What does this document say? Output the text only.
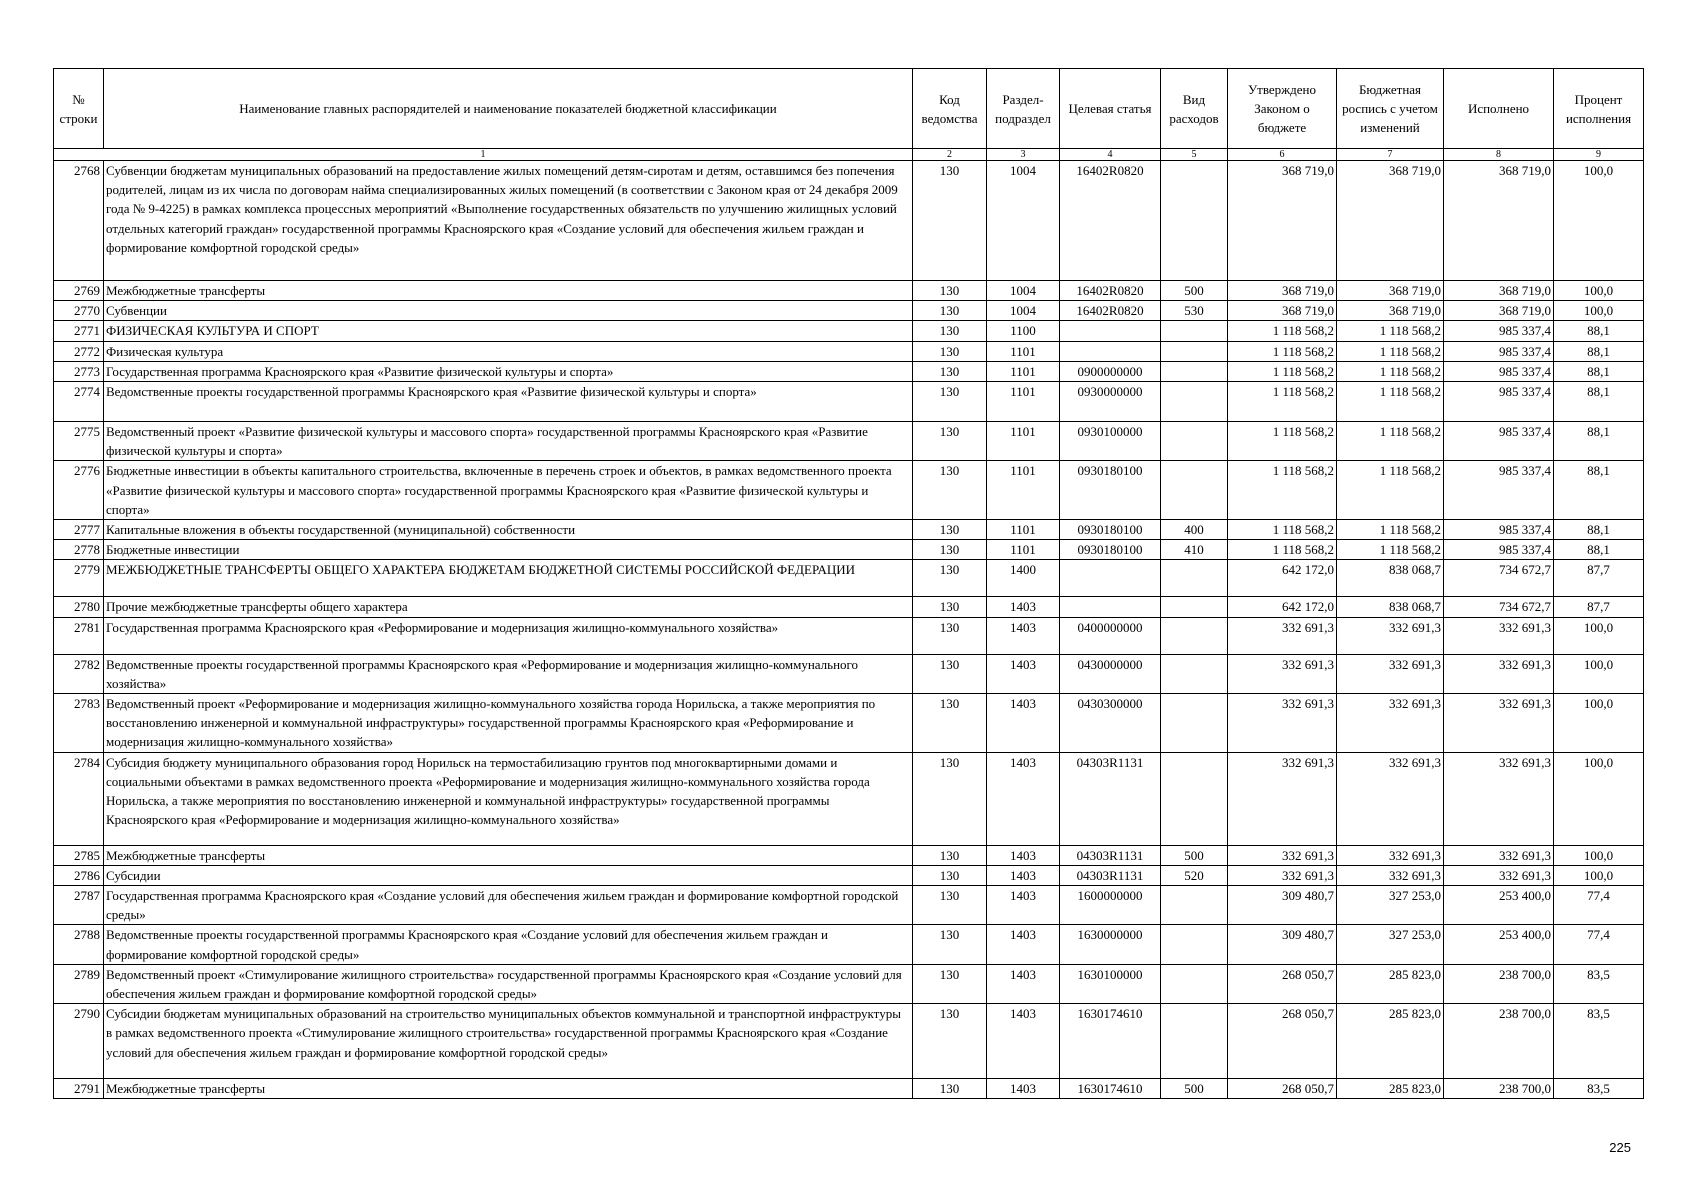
№ строки	Наименование главных распорядителей и наименование показателей бюджетной классификации	Код ведомства	Раздел-подраздел	Целевая статья	Вид расходов	Утверждено Законом о бюджете	Бюджетная роспись с учетом изменений	Исполнено	Процент исполнения
1		2	3	4	5	6	7	8	9
2768	Субвенции бюджетам муниципальных образований на предоставление жилых помещений детям-сиротам и детям, оставшимся без попечения родителей, лицам из их числа по договорам найма специализированных жилых помещений (в соответствии с Законом края от 24 декабря 2009 года № 9-4225) в рамках комплекса процессных мероприятий «Выполнение государственных обязательств по улучшению жилищных условий отдельных категорий граждан» государственной программы Красноярского края «Создание условий для обеспечения жильем граждан и формирование комфортной городской среды»	130	1004	16402R0820		368 719,0	368 719,0	368 719,0	100,0
2769	Межбюджетные трансферты	130	1004	16402R0820	500	368 719,0	368 719,0	368 719,0	100,0
2770	Субвенции	130	1004	16402R0820	530	368 719,0	368 719,0	368 719,0	100,0
2771	ФИЗИЧЕСКАЯ КУЛЬТУРА И СПОРТ	130	1100			1 118 568,2	1 118 568,2	985 337,4	88,1
2772	Физическая культура	130	1101			1 118 568,2	1 118 568,2	985 337,4	88,1
2773	Государственная программа Красноярского края «Развитие физической культуры и спорта»	130	1101	0900000000		1 118 568,2	1 118 568,2	985 337,4	88,1
2774	Ведомственные проекты государственной программы Красноярского края «Развитие физической культуры и спорта»	130	1101	0930000000		1 118 568,2	1 118 568,2	985 337,4	88,1
2775	Ведомственный проект «Развитие физической культуры и массового спорта» государственной программы Красноярского края «Развитие физической культуры и спорта»	130	1101	0930100000		1 118 568,2	1 118 568,2	985 337,4	88,1
2776	Бюджетные инвестиции в объекты капитального строительства, включенные в перечень строек и объектов, в рамках ведомственного проекта «Развитие физической культуры и массового спорта» государственной программы Красноярского края «Развитие физической культуры и спорта»	130	1101	0930180100		1 118 568,2	1 118 568,2	985 337,4	88,1
2777	Капитальные вложения в объекты государственной (муниципальной) собственности	130	1101	0930180100	400	1 118 568,2	1 118 568,2	985 337,4	88,1
2778	Бюджетные инвестиции	130	1101	0930180100	410	1 118 568,2	1 118 568,2	985 337,4	88,1
2779	МЕЖБЮДЖЕТНЫЕ ТРАНСФЕРТЫ ОБЩЕГО ХАРАКТЕРА БЮДЖЕТАМ БЮДЖЕТНОЙ СИСТЕМЫ РОССИЙСКОЙ ФЕДЕРАЦИИ	130	1400			642 172,0	838 068,7	734 672,7	87,7
2780	Прочие межбюджетные трансферты общего характера	130	1403			642 172,0	838 068,7	734 672,7	87,7
2781	Государственная программа Красноярского края «Реформирование и модернизация жилищно-коммунального хозяйства»	130	1403	0400000000		332 691,3	332 691,3	332 691,3	100,0
2782	Ведомственные проекты государственной программы Красноярского края «Реформирование и модернизация жилищно-коммунального хозяйства»	130	1403	0430000000		332 691,3	332 691,3	332 691,3	100,0
2783	Ведомственный проект «Реформирование и модернизация жилищно-коммунального хозяйства города Норильска, а также мероприятия по восстановлению инженерной и коммунальной инфраструктуры» государственной программы Красноярского края «Реформирование и модернизация жилищно-коммунального хозяйства»	130	1403	0430300000		332 691,3	332 691,3	332 691,3	100,0
2784	Субсидия бюджету муниципального образования город Норильск на термостабилизацию грунтов под многоквартирными домами и социальными объектами в рамках ведомственного проекта «Реформирование и модернизация жилищно-коммунального хозяйства города Норильска, а также мероприятия по восстановлению инженерной и коммунальной инфраструктуры» государственной программы Красноярского края «Реформирование и модернизация жилищно-коммунального хозяйства»	130	1403	04303R1131		332 691,3	332 691,3	332 691,3	100,0
2785	Межбюджетные трансферты	130	1403	04303R1131	500	332 691,3	332 691,3	332 691,3	100,0
2786	Субсидии	130	1403	04303R1131	520	332 691,3	332 691,3	332 691,3	100,0
2787	Государственная программа Красноярского края «Создание условий для обеспечения жильем граждан и формирование комфортной городской среды»	130	1403	1600000000		309 480,7	327 253,0	253 400,0	77,4
2788	Ведомственные проекты государственной программы Красноярского края «Создание условий для обеспечения жильем граждан и формирование комфортной городской среды»	130	1403	1630000000		309 480,7	327 253,0	253 400,0	77,4
2789	Ведомственный проект «Стимулирование жилищного строительства» государственной программы Красноярского края «Создание условий для обеспечения жильем граждан и формирование комфортной городской среды»	130	1403	1630100000		268 050,7	285 823,0	238 700,0	83,5
2790	Субсидии бюджетам муниципальных образований на строительство муниципальных объектов коммунальной и транспортной инфраструктуры в рамках ведомственного проекта «Стимулирование жилищного строительства» государственной программы Красноярского края «Создание условий для обеспечения жильем граждан и формирование комфортной городской среды»	130	1403	1630174610		268 050,7	285 823,0	238 700,0	83,5
2791	Межбюджетные трансферты	130	1403	1630174610	500	268 050,7	285 823,0	238 700,0	83,5
225
